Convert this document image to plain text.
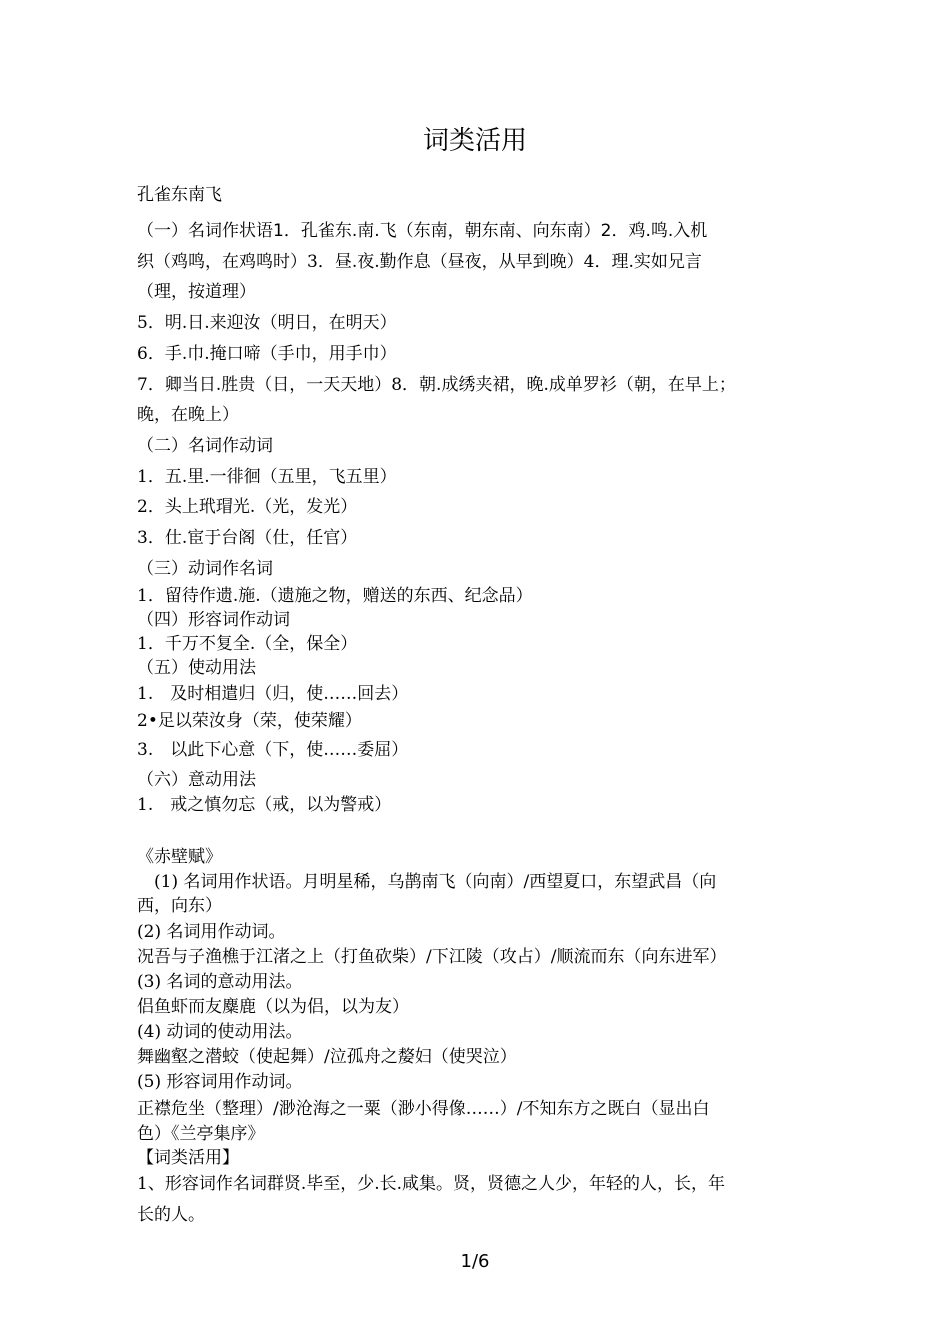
词类活用
孔雀东南飞
（一）名词作状语1．孔雀东.南.飞（东南，朝东南、向东南）2．鸡.鸣.入机
织（鸡鸣，在鸡鸣时）3．昼.夜.勤作息（昼夜，从早到晚）4．理.实如兄言
（理，按道理）
5．明.日.来迎汝（明日，在明天）
6．手.巾.掩口啼（手巾，用手巾）
7．卿当日.胜贵（日，一天天地）8．朝.成绣夹裙，晚.成单罗衫（朝，在早上；
晚，在晚上）
（二）名词作动词
1．五.里.一徘徊（五里，飞五里）
2．头上玳瑁光.（光，发光）
3．仕.宦于台阁（仕，任官）
（三）动词作名词
1．留待作遗.施.（遗施之物，赠送的东西、纪念品）
（四）形容词作动词
1．千万不复全.（全，保全）
（五）使动用法
1.　及时相遣归（归，使……回去）
2•足以荣汝身（荣，使荣耀）
3.　以此下心意（下，使……委屈）
（六）意动用法
1.　戒之慎勿忘（戒，以为警戒）
《赤壁赋》
　(1) 名词用作状语。月明星稀，乌鹊南飞（向南）/西望夏口，东望武昌（向
西，向东）
(2) 名词用作动词。
况吾与子渔樵于江渚之上（打鱼砍柴）/下江陵（攻占）/顺流而东（向东进军）
(3) 名词的意动用法。
侣鱼虾而友麋鹿（以为侣，以为友）
(4) 动词的使动用法。
舞幽壑之潜蛟（使起舞）/泣孤舟之嫠妇（使哭泣）
(5) 形容词用作动词。
正襟危坐（整理）/渺沧海之一粟（渺小得像……）/不知东方之既白（显出白
色）《兰亭集序》
【词类活用】
1、形容词作名词群贤.毕至，少.长.咸集。贤，贤德之人少，年轻的人，长，年
长的人。
1/6
